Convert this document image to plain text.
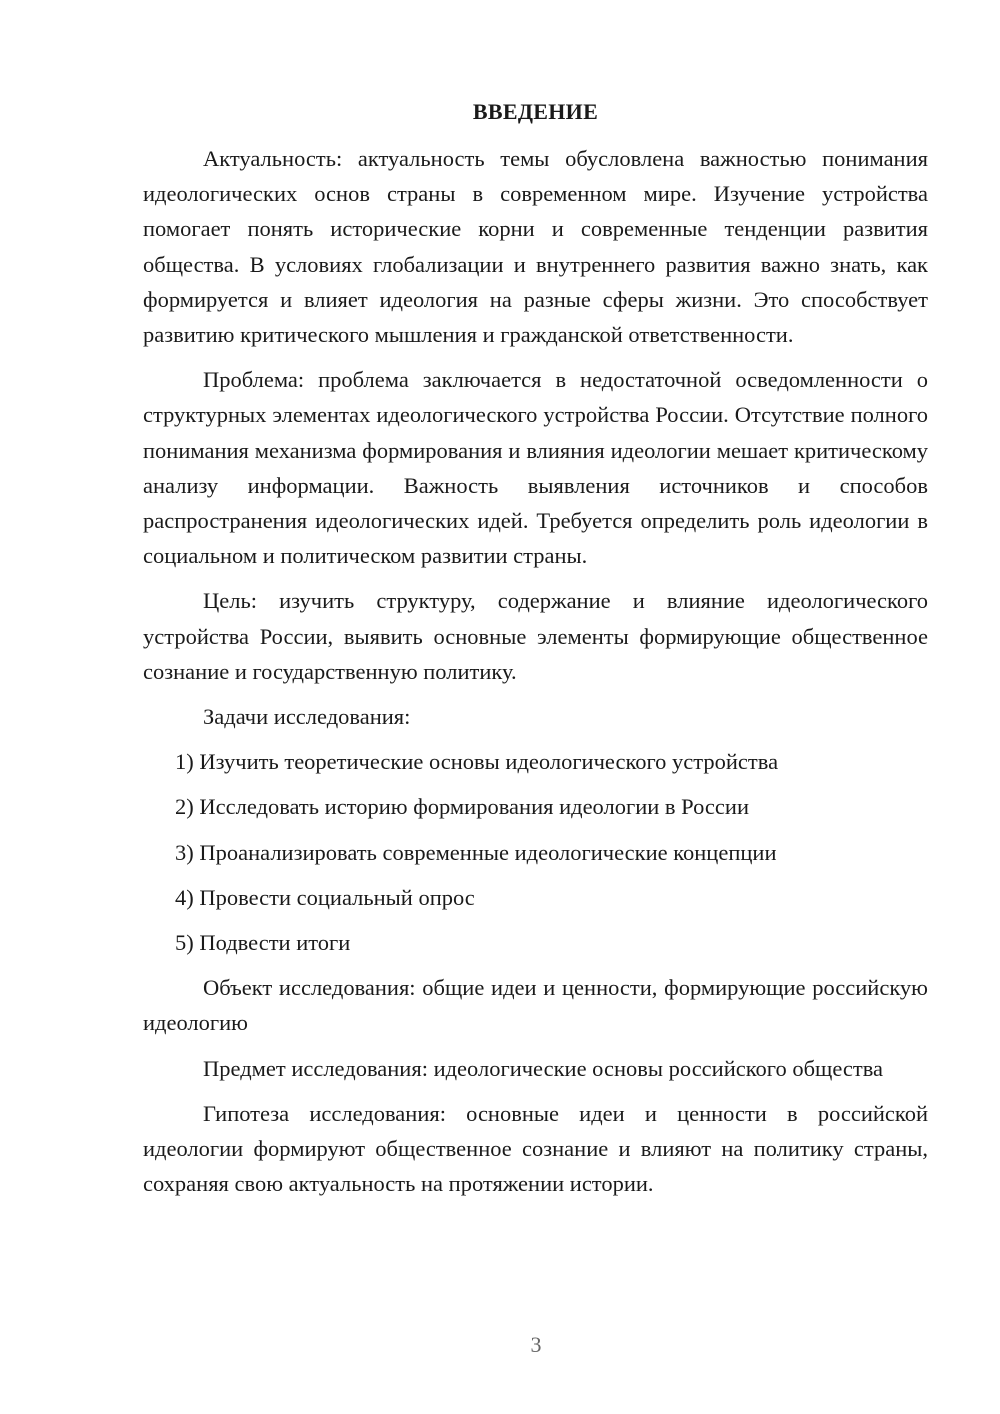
ВВЕДЕНИЕ

Актуальность: актуальность темы обусловлена важностью понимания идеологических основ страны в современном мире. Изучение устройства помогает понять исторические корни и современные тенденции развития общества. В условиях глобализации и внутреннего развития важно знать, как формируется и влияет идеология на разные сферы жизни. Это способствует развитию критического мышления и гражданской ответственности.

Проблема: проблема заключается в недостаточной осведомленности о структурных элементах идеологического устройства России. Отсутствие полного понимания механизма формирования и влияния идеологии мешает критическому анализу информации. Важность выявления источников и способов распространения идеологических идей. Требуется определить роль идеологии в социальном и политическом развитии страны.

Цель: изучить структуру, содержание и влияние идеологического устройства России, выявить основные элементы формирующие общественное сознание и государственную политику.

Задачи исследования:

1) Изучить теоретические основы идеологического устройства
2) Исследовать историю формирования идеологии в России
3) Проанализировать современные идеологические концепции
4) Провести социальный опрос
5) Подвести итоги

Объект исследования: общие идеи и ценности, формирующие российскую идеологию

Предмет исследования: идеологические основы российского общества

Гипотеза исследования: основные идеи и ценности в российской идеологии формируют общественное сознание и влияют на политику страны, сохраняя свою актуальность на протяжении истории.

3
